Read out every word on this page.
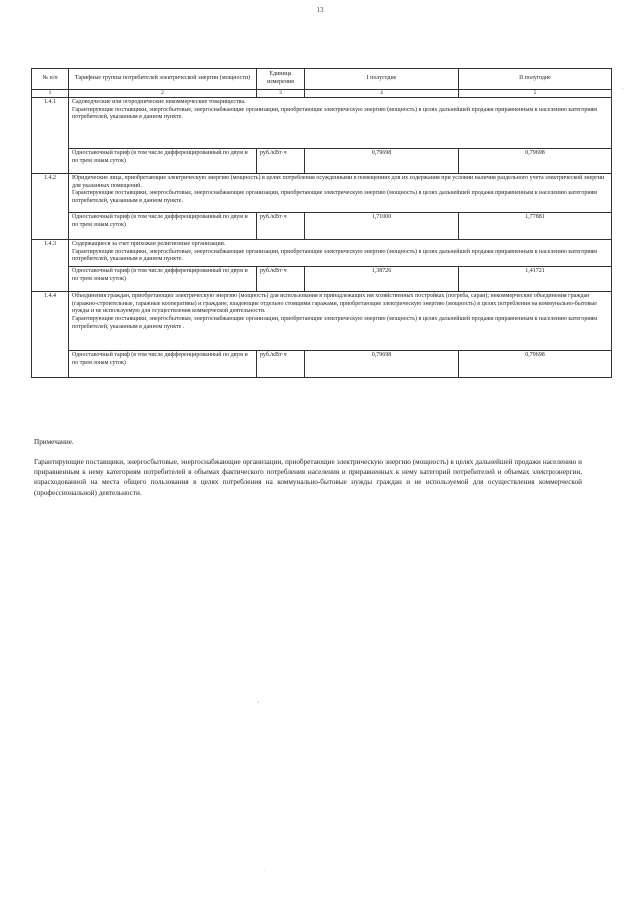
13
№ п/п	Тарифные группы потребителей электрической энергии (мощности)	Единица измерения	I полугодие	II полугодие
1	2	3	4	5
1.4.1	Садоводческие или огороднические некоммерческие товарищества.

Гарантирующие поставщики, энергосбытовые, энергоснабжающие организации, приобретающие электрическую энергию (мощность) в целях дальнейшей продажи приравненным к населению категориям потребителей, указанным в данном пункте.			

	Одноставочный тариф (в том числе дифференцированный по двум и по трем зонам суток)	руб./кВт·ч	0,79698	0,79698
1.4.2	Юридические лица, приобретающие электрическую энергию (мощность) в целях потребления осужденными в помещениях для их содержания при условии наличия раздельного учета электрической энергии для указанных помещений.

Гарантирующие поставщики, энергосбытовые, энергоснабжающие организации, приобретающие электрическую энергию (мощность) в целях дальнейшей продажи приравненным к населению категориям потребителей, указанным в данном пункте.			

	Одноставочный тариф (в том числе дифференцированный по двум и по трем зонам суток)	руб./кВт·ч	1,71000	1,77881
1.4.3	Содержащиеся за счет прихожан религиозные организации.

Гарантирующие поставщики, энергосбытовые, энергоснабжающие организации, приобретающие электрическую энергию (мощность) в целях дальнейшей продажи приравненным к населению категориям потребителей, указанным в данном пункте.			

	Одноставочный тариф (в том числе дифференцированный по двум и по трем зонам суток)	руб./кВт·ч	1,38726	1,41721
1.4.4	Объединения граждан, приобретающих электрическую энергию (мощность) для использования в принадлежащих им хозяйственных постройках (погреба, сараи); некоммерческие объединения граждан (гаражно-строительные, гаражные кооперативы) и граждане, владеющие отдельно стоящими гаражами, приобретающие электрическую энергию (мощность) в целях потребления на коммунально-бытовые нужды и не используемую для осуществления коммерческой деятельности.

Гарантирующие поставщики, энергосбытовые, энергоснабжающие организации, приобретающие электрическую энергию (мощность) в целях дальнейшей продажи приравненным к населению категориям потребителей, указанным в данном пункте .			

	Одноставочный тариф (в том числе дифференцированный по двум и по трем зонам суток)	руб./кВт·ч	0,79698	0,79698
Примечание.
Гарантирующие поставщики, энергосбытовые, энергоснабжающие организации, приобретающие электрическую энергию (мощность) в целях дальнейшей продажи населению и приравненным к нему категориям потребителей в объемах фактического потребления населения и приравненных к нему категорий потребителей и объемах электроэнергии, израсходованной на места общего пользования в целях потребления на коммунально-бытовые нужды граждан и не используемой для осуществления коммерческой (профессиональной) деятельности.
·
,
·
